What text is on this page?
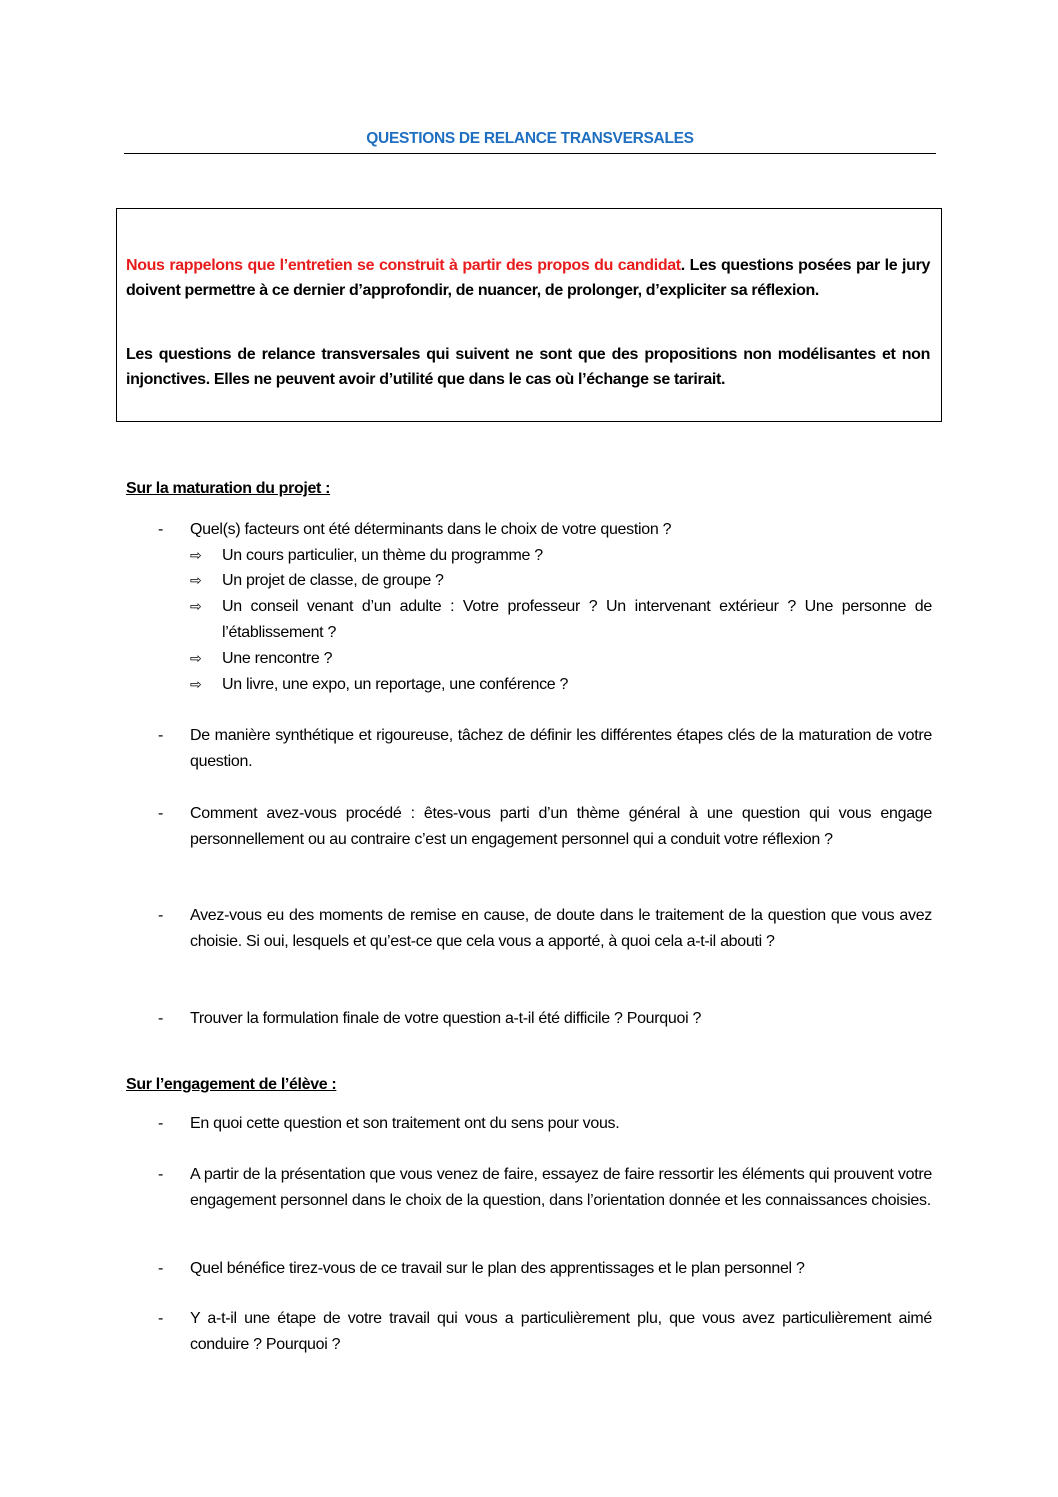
QUESTIONS DE RELANCE TRANSVERSALES
Nous rappelons que l’entretien se construit à partir des propos du candidat. Les questions posées par le jury doivent permettre à ce dernier d’approfondir, de nuancer, de prolonger, d’expliciter sa réflexion.
Les questions de relance transversales qui suivent ne sont que des propositions non modélisantes et non injonctives. Elles ne peuvent avoir d’utilité que dans le cas où l’échange se tarirait.
Sur la maturation du projet :
- Quel(s) facteurs ont été déterminants dans le choix de votre question ?
⇨ Un cours particulier, un thème du programme ?
⇨ Un projet de classe, de groupe ?
⇨ Un conseil venant d’un adulte : Votre professeur ? Un intervenant extérieur ? Une personne de l’établissement ?
⇨ Une rencontre ?
⇨ Un livre, une expo, un reportage, une conférence ?
- De manière synthétique et rigoureuse, tâchez de définir les différentes étapes clés de la maturation de votre question.
- Comment avez-vous procédé : êtes-vous parti d’un thème général à une question qui vous engage personnellement ou au contraire c’est un engagement personnel qui a conduit votre réflexion ?
- Avez-vous eu des moments de remise en cause, de doute dans le traitement de la question que vous avez choisie. Si oui, lesquels et qu’est-ce que cela vous a apporté, à quoi cela a-t-il abouti ?
- Trouver la formulation finale de votre question a-t-il été difficile ? Pourquoi ?
Sur l’engagement de l’élève :
- En quoi cette question et son traitement ont du sens pour vous.
- A partir de la présentation que vous venez de faire, essayez de faire ressortir les éléments qui prouvent votre engagement personnel dans le choix de la question, dans l’orientation donnée et les connaissances choisies.
- Quel bénéfice tirez-vous de ce travail sur le plan des apprentissages et le plan personnel ?
- Y a-t-il une étape de votre travail qui vous a particulièrement plu, que vous avez particulièrement aimé conduire ? Pourquoi ?
